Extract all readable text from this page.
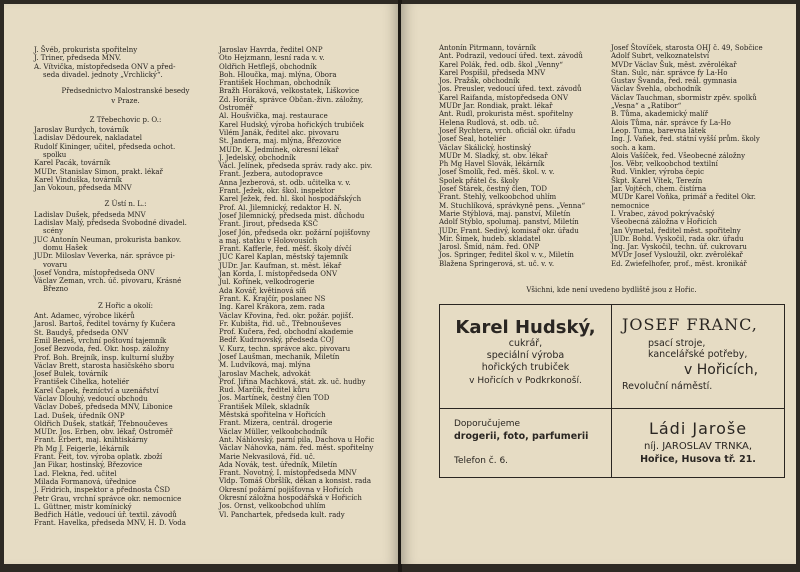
J. Švéb, prokurista spořitelny
J. Triner, předseda MNV.
A. Vítvička, místopředseda ONV a před-
seda divadel. jednoty „Vrchlický“.
Předsednictvo Malostranské besedy
v Praze.
Z Třebechovic p. O.:
Jaroslav Burdych, továrník
Ladislav Dědourek, nakladatel
Rudolf Kininger, učitel, předseda ochot.
spolku
Karel Pacák, továrník
MUDr. Stanislav Simon, prakt. lékař
Karel Vinduška, továrník
Jan Vokoun, předseda MNV
Z Ústí n. L.:
Ladislav Dušek, předseda MNV
Ladislav Malý, předseda Svobodné divadel.
scény
JUC Antonín Neuman, prokurista bankov.
domu Hašek
JUDr. Miloslav Veverka, nár. správce pi-
vovaru
Josef Vondra, místopředseda ONV
Václav Zeman, vrch. úč. pivovaru, Krásné
Březno
Z Hořic a okolí:
Ant. Adamec, výrobce likérů
Jarosl. Bartoš, ředitel továrny fy Kučera
St. Baudyš, předseda ONV
Emil Beneš, vrchní poštovní tajemník
Josef Bezvoda, řed. Okr. hosp. záložny
Prof. Boh. Brejník, insp. kulturní služby
Václav Brett, starosta hasičského sboru
Josef Bulek, továrník
František Cihelka, hoteliér
Karel Čapek, řezníctví a uzenářství
Václav Dlouhý, vedoucí obchodu
Václav Dobeš, předseda MNV, Libonice
Lad. Dušek, úředník ONP
Oldřich Dušek, statkář, Třebnoučeves
MUDr. Jos. Erben, obv. lékař, Ostroměř
Frant. Erbert, maj. knihtiskárny
Ph Mg J. Feigerle, lékárník
Frant. Feit, tov. výroba oplatk. zboží
Jan Fikar, hostinský, Březovice
Lad. Flekna, řed. učitel
Milada Formanová, úřednice
J. Fridrich, inspektor a přednosta ČSD
Petr Grau, vrchní správce okr. nemocnice
L. Güttner, mistr komínický
Bedřich Hátle, vedoucí úř. textil. závodů
Frant. Havelka, předseda MNV, H. D. Voda
Jaroslav Havrda, ředitel ONP
Oto Hejzmann, lesní rada v. v.
Oldřich Hetflejš, obchodník
Boh. Hloučka, maj. mlýna, Obora
František Hochman, obchodník
Bražh Horáková, velkostatek, Liškovice
Zd. Horák, správce Občan.-živn. záložny,
Ostroměř
Al. Houšvička, maj. restaurace
Karel Hudský, výroba hořických trubiček
Vilém Janák, ředitel akc. pivovaru
St. Jandera, maj. mlýna, Březovice
MUDr. K. Jedmínek, okresní lékař
J. Jedelský, obchodník
Václ. Jelínek, předseda správ. rady akc. piv.
Frant. Jezbera, autodopravce
Anna Jezberová, st. odb. učitelka v. v.
Frant. Ježek, okr. škol. inspektor
Karel Ježek, řed. hl. škol hospodářských
Prof. Al. Jilemnický, redaktor H. N.
Josef Jilemnický, předseda mist. důchodu
Frant. Jirout, předseda KSČ
Josef Jón, předseda okr. požární pojišťovny
a maj. statku v Holovousích
Frant. Kafferle, řed. měšť. školy dívčí
JUC Karel Kaplan, městský tajemník
JUDr. Jar. Kaufman, st. měst. lékař
Jan Korda, I. místopředseda ONV
Jul. Kořínek, velkodrogerie
Ada Kovář, květinová síň
Frant. K. Krajčír, poslanec NS
Ing. Karel Krákora, zem. rada
Václav Křovina, řed. okr. požár. pojišť.
Fr. Kubišta, řid. uč., Třebnouševes
Prof. Kučera, řed. obchodní akademie
Bedř. Kudrnovský, předseda COJ
V. Kurz, techn. správce akc. pivovaru
Josef Laušman, mechanik, Miletín
M. Ludvíková, maj. mlýna
Jaroslav Machek, advokát
Prof. Jiřina Machková, stát. zk. uč. hudby
Rud. Marčík, ředitel kůru
Jos. Martínek, čestný člen TOD
František Mílek, skladník
Městská spořitelna v Hořicích
Frant. Mizera, centrál. drogerie
Václav Müller, velkoobchodník
Ant. Náhlovský, parní pila, Dachova u Hořic
Václav Náhovka, nám. řed. měst. spořitelny
Marie Nekvasilová, říd. uč.
Ada Novák, test. úředník, Miletín
Frant. Novotný, I. místopředseda MNV
Vldp. Tomáš Obršlík, děkan a konsist. rada
Okresní požární pojišťovna v Hořicích
Okresní záložna hospodářská v Hořicích
Jos. Ornst, velkoobchod uhlím
Vl. Panchartek, předseda kult. rady
Antonín Pitrmann, továrník
Ant. Podrazil, vedoucí úřed. text. závodů
Karel Polák, řed. odb. škol „Venny“
Karel Pospíšil, předseda MNV
Jos. Pražák, obchodník
Jos. Preusler, vedoucí úřed. text. závodů
Karel Raifanda, místopředseda ONV
MUDr Jar. Rondiak, prakt. lékař
Ant. Rudl, prokurista měst. spořitelny
Helena Rudlová, st. odb. uč.
Josef Rychtera, vrch. oficiál okr. úřadu
Josef Seal, hoteliér
Václav Skálický, hostinský
MUDr M. Sladký, st. obv. lékař
Ph Mg Havel Slovák, lékárník
Josef Smolík, řed. měš. škol. v. v.
Spolek přátel čs. školy
Josef Stárek, čestný člen, TOD
Frant. Stehlý, velkoobchod uhlím
M. Stuchlíková, správkyně pens. „Venna“
Marie Stýblová, maj. panství, Miletín
Adolf Stýblo, spolumaj. panství, Miletín
JUDr. Frant. Sedivý, komisař okr. úřadu
Mir. Šimek, hudeb. skladatel
Jarosl. Šmíd, nám. řed. ONP
Jos. Springer, ředitel škol v. v., Miletín
Blažena Springerová, st. uč. v. v.
Josef Štovíček, starosta OHJ č. 49, Sobčice
Adolf Subrt, velkoznatelství
MVDr Václav Šuk, měst. zvěrolékař
Stan. Sulc, nár. správce fy La-Ho
Gustav Švanda, řed. reál. gymnasia
Václav Švehla, obchodník
Václav Tauchman, sbormistr zpěv. spolků
„Vesna“ a „Ratibor“
B. Tůma, akademický malíř
Alois Tůma, nár. správce fy La-Ho
Leop. Tuma, barevna látek
Ing. J. Vaňek, řed. státní vyšší prům. školy
soch. a kam.
Alois Vašíček, řed. Všeobecné záložny
Jos. Věbr, velkoobchod textilní
Rud. Vinkler, výroba čepic
Škpt. Karel Vítek, Terezín
Jar. Vojtěch, chem. čistírna
MUDr Karel Voňka, primář a ředitel Okr.
nemocnice
I. Vrabec, závod pokrývačský
Všeobecná záložna v Hořicích
Jan Vymetal, ředitel měst. spořitelny
JUDr. Bohd. Vyskočil, rada okr. úřadu
Ing. Jar. Vyskočil, techn. úř. cukrovaru
MVDr Josef Vysloužil, okr. zvěrolékař
Ed. Zwiefelhofer, prof., měst. kronikář
Všichni, kde není uvedeno bydliště jsou z Hořic.
Karel Hudský,
cukrář,
speciální výroba
hořických trubiček
v Hořicích v Podkrkonoší.
JOSEF FRANC,
psací stroje,
kancelářské potřeby,
v Hořicích,
Revoluční náměstí.
Doporučujeme
drogerii, foto, parfumerii
Telefon č. 6.
Ládi Jaroše
níj. JAROSLAV TRNKA,
Hořice, Husova tř. 21.
